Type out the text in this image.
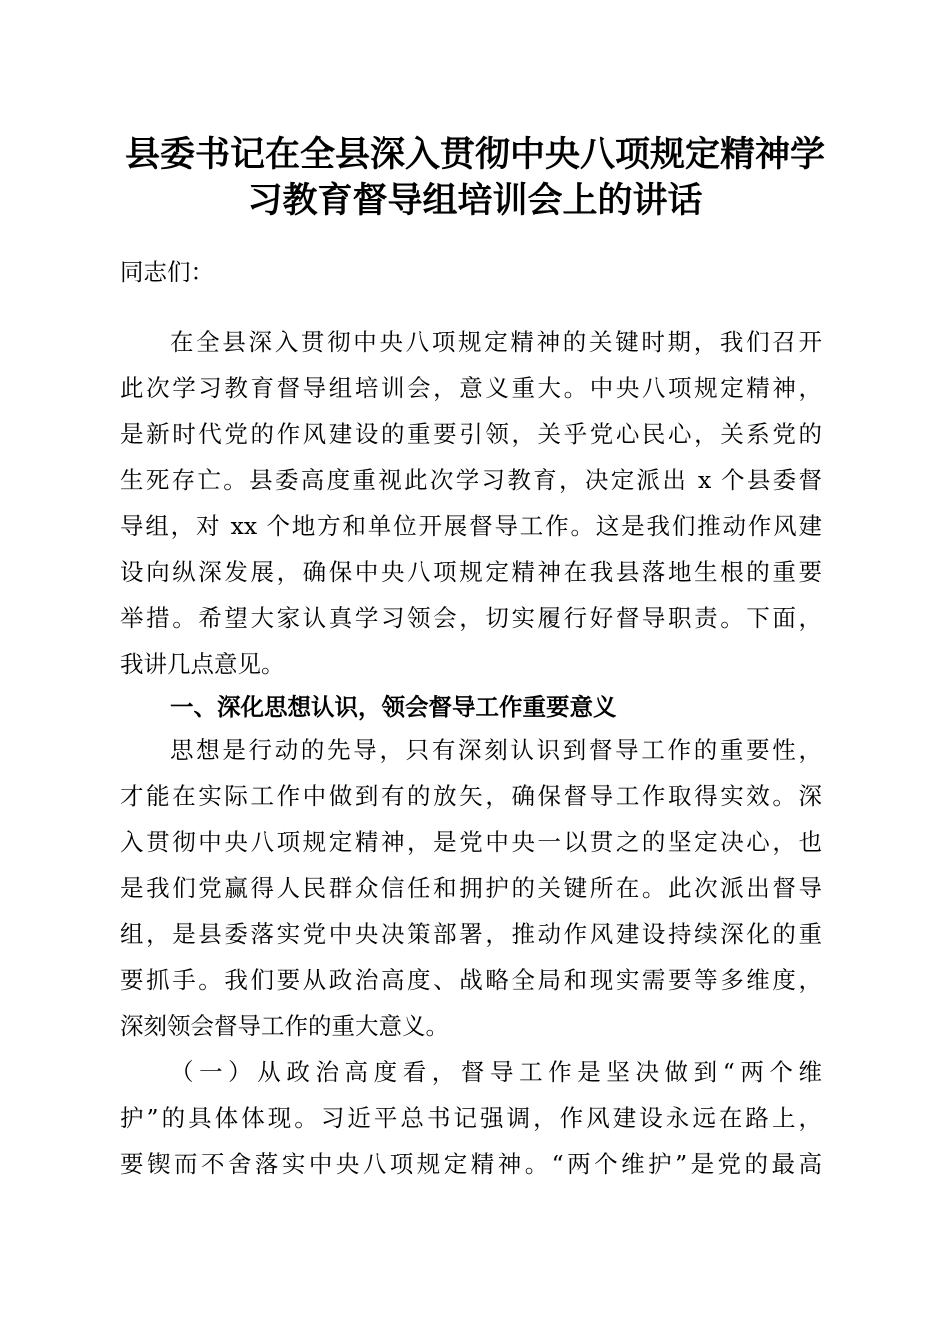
县委书记在全县深入贯彻中央八项规定精神学
习教育督导组培训会上的讲话
同志们：
在全县深入贯彻中央八项规定精神的关键时期，我们召开
此次学习教育督导组培训会，意义重大。中央八项规定精神，
是新时代党的作风建设的重要引领，关乎党心民心，关系党的
生死存亡。县委高度重视此次学习教育，决定派出 x 个县委督
导组，对 xx 个地方和单位开展督导工作。这是我们推动作风建
设向纵深发展，确保中央八项规定精神在我县落地生根的重要
举措。希望大家认真学习领会，切实履行好督导职责。下面，
我讲几点意见。
一、深化思想认识，领会督导工作重要意义
思想是行动的先导，只有深刻认识到督导工作的重要性，
才能在实际工作中做到有的放矢，确保督导工作取得实效。深
入贯彻中央八项规定精神，是党中央一以贯之的坚定决心，也
是我们党赢得人民群众信任和拥护的关键所在。此次派出督导
组，是县委落实党中央决策部署，推动作风建设持续深化的重
要抓手。我们要从政治高度、战略全局和现实需要等多维度，
深刻领会督导工作的重大意义。
（一）从政治高度看，督导工作是坚决做到“两个维
护”的具体体现。习近平总书记强调，作风建设永远在路上，
要锲而不舍落实中央八项规定精神。“两个维护”是党的最高
